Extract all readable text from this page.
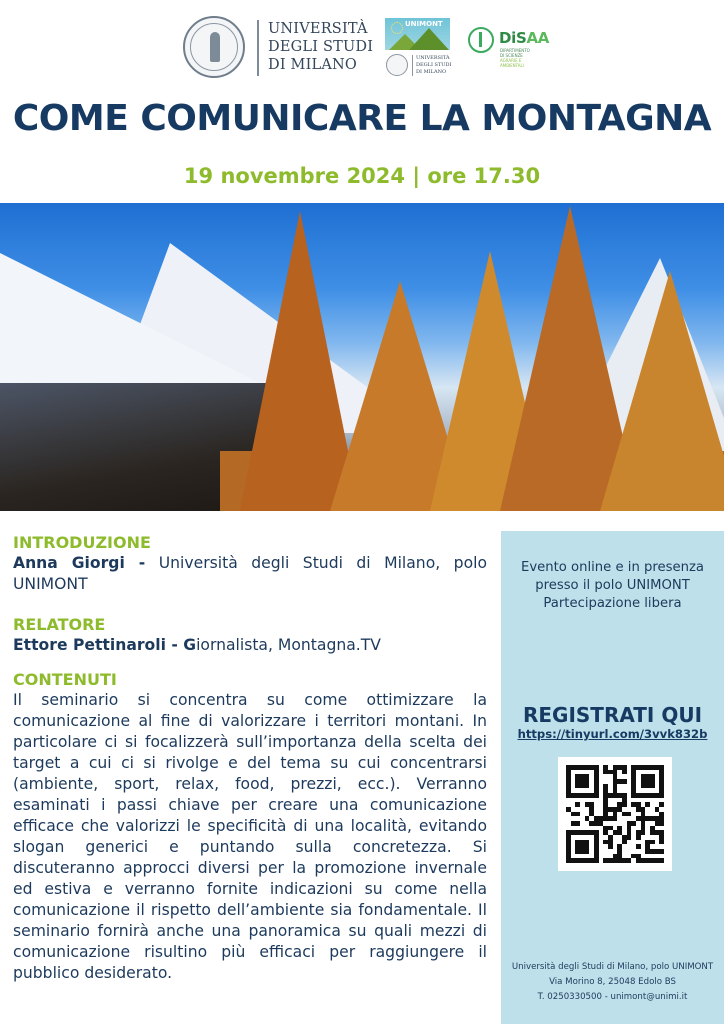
UNIVERSITÀ
DEGLI STUDI
DI MILANO
UNIMONT
UNIVERSITÀ
DEGLI STUDI
DI MILANO
DiSAA
DIPARTIMENTO
DI SCIENZE
AGRARIE E
AMBIENTALI
COME COMUNICARE LA MONTAGNA
19 novembre 2024 | ore 17.30
INTRODUZIONE
Anna Giorgi - Università degli Studi di Milano, polo UNIMONT
RELATORE
Ettore Pettinaroli - Giornalista, Montagna.TV
CONTENUTI
Il seminario si concentra su come ottimizzare la comunicazione al fine di valorizzare i territori montani. In particolare ci si focalizzerà sull’importanza della scelta dei target a cui ci si rivolge e del tema su cui concentrarsi (ambiente, sport, relax, food, prezzi, ecc.). Verranno esaminati i passi chiave per creare una comunicazione efficace che valorizzi le specificità di una località, evitando slogan generici e puntando sulla concretezza. Si discuteranno approcci diversi per la promozione invernale ed estiva e verranno fornite indicazioni su come nella comunicazione il rispetto dell’ambiente sia fondamentale. Il seminario fornirà anche una panoramica su quali mezzi di comunicazione risultino più efficaci per raggiungere il pubblico desiderato.
Evento online e in presenza
presso il polo UNIMONT
Partecipazione libera
REGISTRATI QUI
https://tinyurl.com/3vvk832b
Università degli Studi di Milano, polo UNIMONT
Via Morino 8, 25048 Edolo BS
T. 0250330500 - unimont@unimi.it
